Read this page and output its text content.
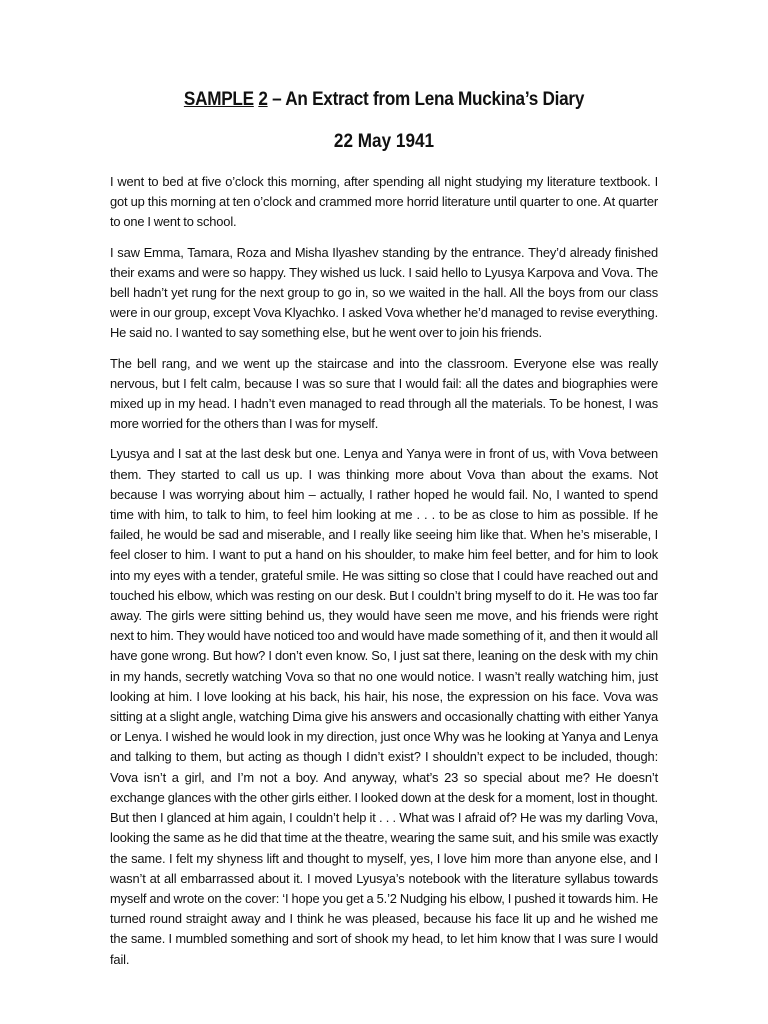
SAMPLE 2 – An Extract from Lena Muckina’s Diary
22 May 1941

I went to bed at five o’clock this morning, after spending all night studying my literature textbook. I got up this morning at ten o’clock and crammed more horrid literature until quarter to one. At quarter to one I went to school.

I saw Emma, Tamara, Roza and Misha Ilyashev standing by the entrance. They’d already finished their exams and were so happy. They wished us luck. I said hello to Lyusya Karpova and Vova. The bell hadn’t yet rung for the next group to go in, so we waited in the hall. All the boys from our class were in our group, except Vova Klyachko. I asked Vova whether he’d managed to revise everything. He said no. I wanted to say something else, but he went over to join his friends.

The bell rang, and we went up the staircase and into the classroom. Everyone else was really nervous, but I felt calm, because I was so sure that I would fail: all the dates and biographies were mixed up in my head. I hadn’t even managed to read through all the materials. To be honest, I was more worried for the others than I was for myself.

Lyusya and I sat at the last desk but one. Lenya and Yanya were in front of us, with Vova between them. They started to call us up. I was thinking more about Vova than about the exams. Not because I was worrying about him – actually, I rather hoped he would fail. No, I wanted to spend time with him, to talk to him, to feel him looking at me . . . to be as close to him as possible. If he failed, he would be sad and miserable, and I really like seeing him like that. When he’s miserable, I feel closer to him. I want to put a hand on his shoulder, to make him feel better, and for him to look into my eyes with a tender, grateful smile. He was sitting so close that I could have reached out and touched his elbow, which was resting on our desk. But I couldn’t bring myself to do it. He was too far away. The girls were sitting behind us, they would have seen me move, and his friends were right next to him. They would have noticed too and would have made something of it, and then it would all have gone wrong. But how? I don’t even know. So, I just sat there, leaning on the desk with my chin in my hands, secretly watching Vova so that no one would notice. I wasn’t really watching him, just looking at him. I love looking at his back, his hair, his nose, the expression on his face. Vova was sitting at a slight angle, watching Dima give his answers and occasionally chatting with either Yanya or Lenya. I wished he would look in my direction, just once Why was he looking at Yanya and Lenya and talking to them, but acting as though I didn’t exist? I shouldn’t expect to be included, though: Vova isn’t a girl, and I’m not a boy. And anyway, what’s 23 so special about me? He doesn’t exchange glances with the other girls either. I looked down at the desk for a moment, lost in thought. But then I glanced at him again, I couldn’t help it . . . What was I afraid of? He was my darling Vova, looking the same as he did that time at the theatre, wearing the same suit, and his smile was exactly the same. I felt my shyness lift and thought to myself, yes, I love him more than anyone else, and I wasn’t at all embarrassed about it. I moved Lyusya’s notebook with the literature syllabus towards myself and wrote on the cover: ‘I hope you get a 5.’2 Nudging his elbow, I pushed it towards him. He turned round straight away and I think he was pleased, because his face lit up and he wished me the same. I mumbled something and sort of shook my head, to let him know that I was sure I would fail.
